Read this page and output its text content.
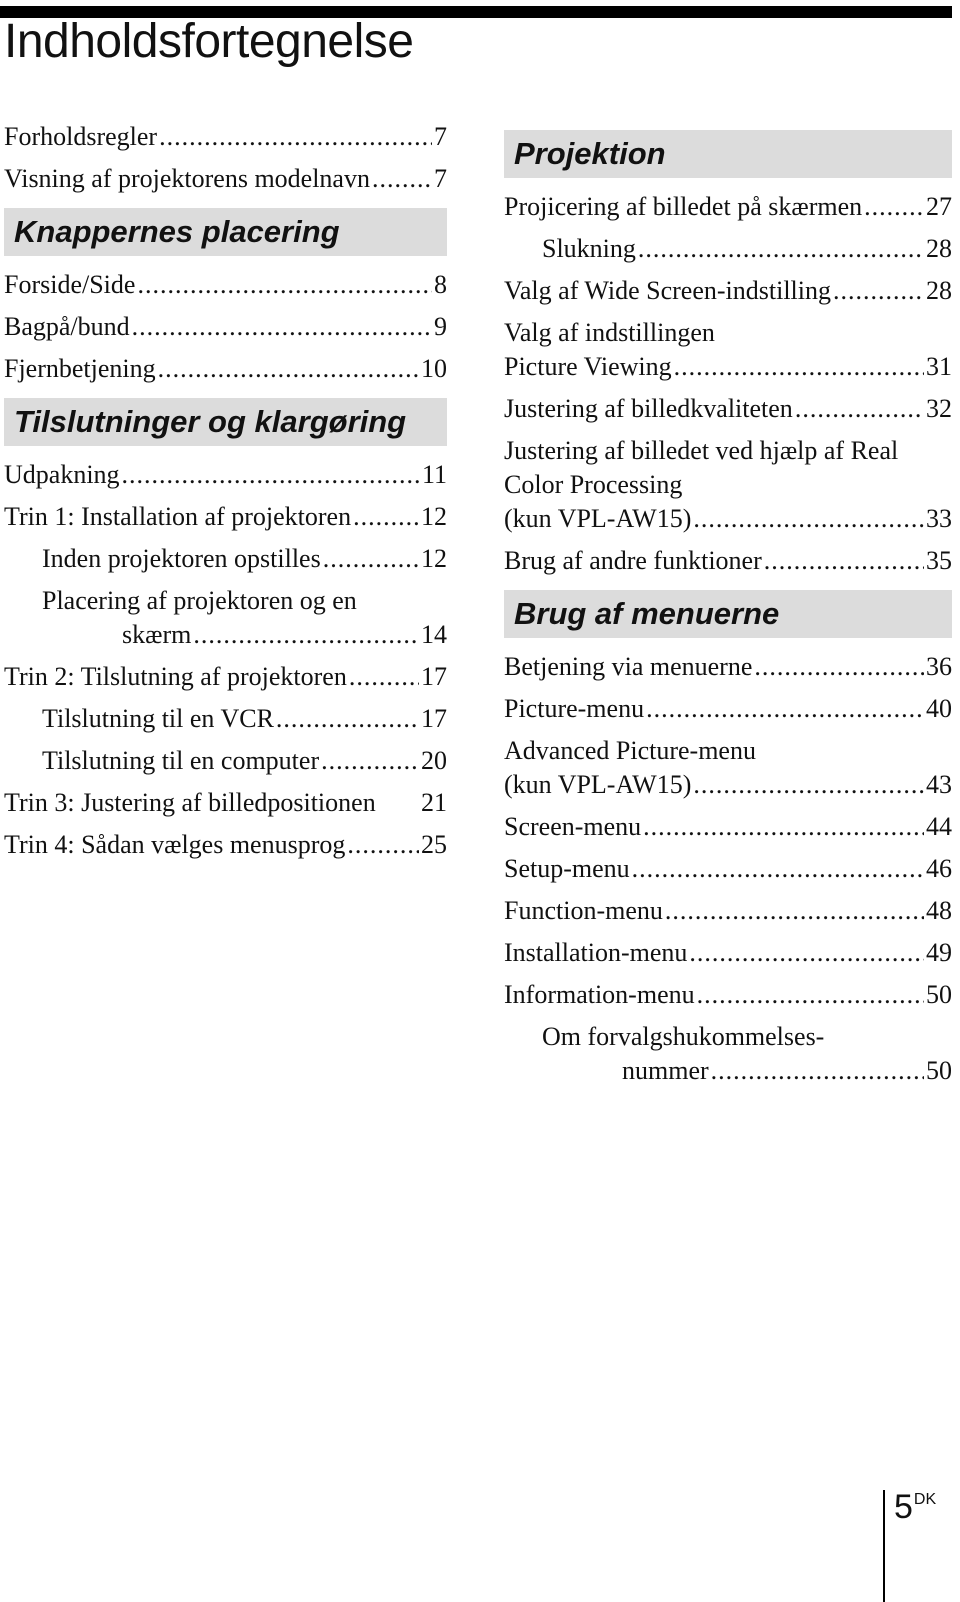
Indholdsfortegnelse
Forholdsregler .....	7
Visning af projektorens modelnavn ..... 7
Knappernes placering
Forside/Side .....	8
Bagpå/bund .....	9
Fjernbetjening .....	10
Tilslutninger og klargøring
Udpakning .....	11
Trin 1: Installation af projektoren .....	12
Inden projektoren opstilles .....	12
Placering af projektoren og en
skærm .....	14
Trin 2: Tilslutning af projektoren .....	17
Tilslutning til en VCR .....	17
Tilslutning til en computer .....	20
Trin 3: Justering af billedpositionen 21
Trin 4: Sådan vælges menusprog .....	25
Projektion
Projicering af billedet på skærmen ..... 27
Slukning .....	28
Valg af Wide Screen-indstilling .....	28
Valg af indstillingen
Picture Viewing .....	31
Justering af billedkvaliteten .....	32
Justering af billedet ved hjælp af Real
Color Processing
(kun VPL-AW15) .....	33
Brug af andre funktioner .....	35
Brug af menuerne
Betjening via menuerne .....	36
Picture-menu .....	40
Advanced Picture-menu
(kun VPL-AW15) .....	43
Screen-menu .....	44
Setup-menu .....	46
Function-menu .....	48
Installation-menu .....	49
Information-menu .....	50
Om forvalgshukommelses-
nummer .....	50
$5^{DK}$
